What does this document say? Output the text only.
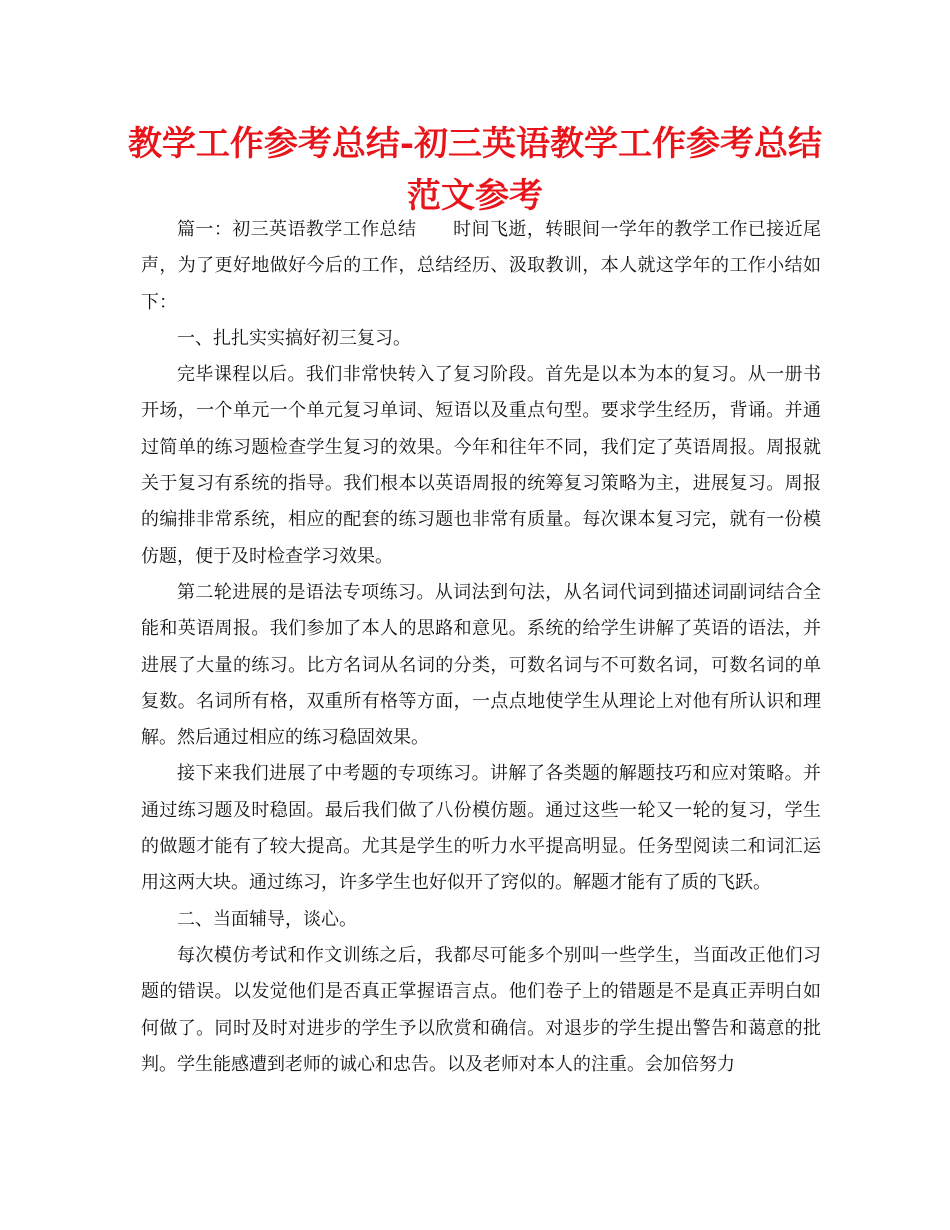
教学工作参考总结-初三英语教学工作参考总结范文参考

篇一：初三英语教学工作总结　　时间飞逝，转眼间一学年的教学工作已接近尾声，为了更好地做好今后的工作，总结经历、汲取教训，本人就这学年的工作小结如下：

一、扎扎实实搞好初三复习。

完毕课程以后。我们非常快转入了复习阶段。首先是以本为本的复习。从一册书开场，一个单元一个单元复习单词、短语以及重点句型。要求学生经历，背诵。并通过简单的练习题检查学生复习的效果。今年和往年不同，我们定了英语周报。周报就关于复习有系统的指导。我们根本以英语周报的统筹复习策略为主，进展复习。周报的编排非常系统，相应的配套的练习题也非常有质量。每次课本复习完，就有一份模仿题，便于及时检查学习效果。

第二轮进展的是语法专项练习。从词法到句法，从名词代词到描述词副词结合全能和英语周报。我们参加了本人的思路和意见。系统的给学生讲解了英语的语法，并进展了大量的练习。比方名词从名词的分类，可数名词与不可数名词，可数名词的单复数。名词所有格，双重所有格等方面，一点点地使学生从理论上对他有所认识和理解。然后通过相应的练习稳固效果。

接下来我们进展了中考题的专项练习。讲解了各类题的解题技巧和应对策略。并通过练习题及时稳固。最后我们做了八份模仿题。通过这些一轮又一轮的复习，学生的做题才能有了较大提高。尤其是学生的听力水平提高明显。任务型阅读二和词汇运用这两大块。通过练习，许多学生也好似开了窍似的。解题才能有了质的飞跃。

二、当面辅导，谈心。

每次模仿考试和作文训练之后，我都尽可能多个别叫一些学生，当面改正他们习题的错误。以发觉他们是否真正掌握语言点。他们卷子上的错题是不是真正弄明白如何做了。同时及时对进步的学生予以欣赏和确信。对退步的学生提出警告和蔼意的批判。学生能感遭到老师的诚心和忠告。以及老师对本人的注重。会加倍努力
